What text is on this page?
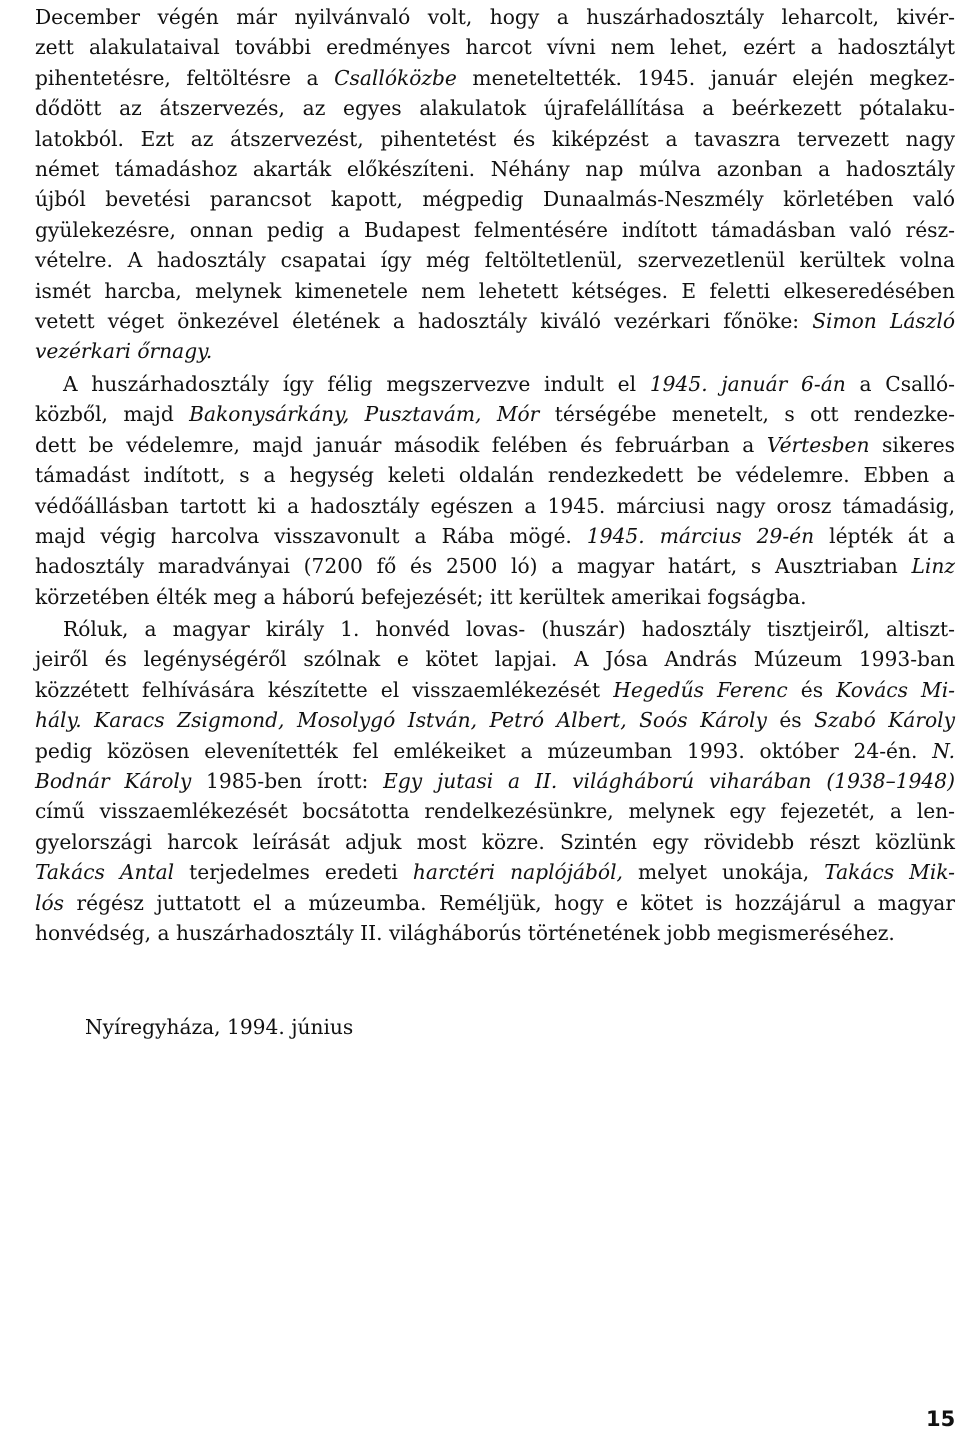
December végén már nyilvánvaló volt, hogy a huszárhadosztály leharcolt, kivér-
zett alakulataival további eredményes harcot vívni nem lehet, ezért a hadosztályt
pihentetésre, feltöltésre a Csallóközbe meneteltették. 1945. január elején megkez-
dődött az átszervezés, az egyes alakulatok újrafelállítása a beérkezett pótalaku-
latokból. Ezt az átszervezést, pihentetést és kiképzést a tavaszra tervezett nagy
német támadáshoz akarták előkészíteni. Néhány nap múlva azonban a hadosztály
újból bevetési parancsot kapott, mégpedig Dunaalmás-Neszmély körletében való
gyülekezésre, onnan pedig a Budapest felmentésére indított támadásban való rész-
vételre. A hadosztály csapatai így még feltöltetlenül, szervezetlenül kerültek volna
ismét harcba, melynek kimenetele nem lehetett kétséges. E feletti elkeseredésében
vetett véget önkezével életének a hadosztály kiváló vezérkari főnöke: Simon László
vezérkari őrnagy.
A huszárhadosztály így félig megszervezve indult el 1945. január 6-án a Csalló-
közből, majd Bakonysárkány, Pusztavám, Mór térségébe menetelt, s ott rendezke-
dett be védelemre, majd január második felében és februárban a Vértesben sikeres
támadást indított, s a hegység keleti oldalán rendezkedett be védelemre. Ebben a
védőállásban tartott ki a hadosztály egészen a 1945. márciusi nagy orosz támadásig,
majd végig harcolva visszavonult a Rába mögé. 1945. március 29-én lépték át a
hadosztály maradványai (7200 fő és 2500 ló) a magyar határt, s Ausztriaban Linz
körzetében élték meg a háború befejezését; itt kerültek amerikai fogságba.
Róluk, a magyar király 1. honvéd lovas- (huszár) hadosztály tisztjeiről, altiszt-
jeiről és legénységéről szólnak e kötet lapjai. A Jósa András Múzeum 1993-ban
közzétett felhívására készítette el visszaemlékezését Hegedűs Ferenc és Kovács Mi-
hály. Karacs Zsigmond, Mosolygó István, Petró Albert, Soós Károly és Szabó Károly
pedig közösen elevenítették fel emlékeiket a múzeumban 1993. október 24-én. N.
Bodnár Károly 1985-ben írott: Egy jutasi a II. világháború viharában (1938–1948)
című visszaemlékezését bocsátotta rendelkezésünkre, melynek egy fejezetét, a len-
gyelországi harcok leírását adjuk most közre. Szintén egy rövidebb részt közlünk
Takács Antal terjedelmes eredeti harctéri naplójából, melyet unokája, Takács Mik-
lós régész juttatott el a múzeumba. Reméljük, hogy e kötet is hozzájárul a magyar
honvédség, a huszárhadosztály II. világháborús történetének jobb megismeréséhez.
Nyíregyháza, 1994. június
15
